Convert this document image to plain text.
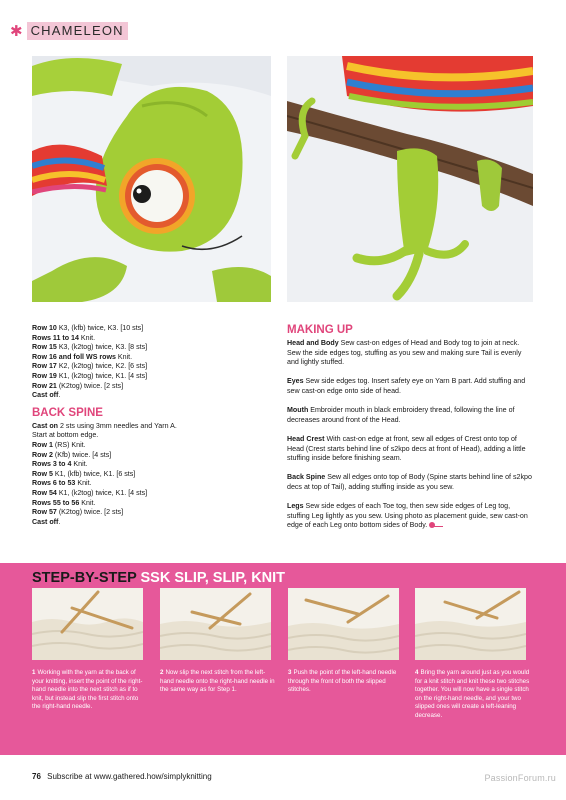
✱ CHAMELEON
Row 10 K3, (kfb) twice, K3. [10 sts]
Rows 11 to 14 Knit.
Row 15 K3, (k2tog) twice, K3. [8 sts]
Row 16 and foll WS rows Knit.
Row 17 K2, (k2tog) twice, K2. [6 sts]
Row 19 K1, (k2tog) twice, K1. [4 sts]
Row 21 (K2tog) twice. [2 sts]
Cast off.
BACK SPINE
Cast on 2 sts using 3mm needles and Yarn A.
Start at bottom edge.
Row 1 (RS) Knit.
Row 2 (Kfb) twice. [4 sts]
Rows 3 to 4 Knit.
Row 5 K1, (kfb) twice, K1. [6 sts]
Rows 6 to 53 Knit.
Row 54 K1, (k2tog) twice, K1. [4 sts]
Rows 55 to 56 Knit.
Row 57 (K2tog) twice. [2 sts]
Cast off.
MAKING UP
Head and Body Sew cast-on edges of Head and Body tog to join at neck. Sew the side edges tog, stuffing as you sew and making sure Tail is evenly and lightly stuffed.
Eyes Sew side edges tog. Insert safety eye on Yarn B part. Add stuffing and sew cast-on edge onto side of head.
Mouth Embroider mouth in black embroidery thread, following the line of decreases around front of the Head.
Head Crest With cast-on edge at front, sew all edges of Crest onto top of Head (Crest starts behind line of s2kpo decs at front of Head), adding a little stuffing inside before finishing seam.
Back Spine Sew all edges onto top of Body (Spine starts behind line of s2kpo decs at top of Tail), adding stuffing inside as you sew.
Legs Sew side edges of each Toe tog, then sew side edges of Leg tog, stuffing Leg lightly as you sew. Using photo as placement guide, sew cast-on edge of each Leg onto bottom sides of Body.
STEP-BY-STEP SSK SLIP, SLIP, KNIT
1 Working with the yarn at the back of your knitting, insert the point of the right-hand needle into the next stitch as if to knit, but instead slip the first stitch onto the right-hand needle.
2 Now slip the next stitch from the left-hand needle onto the right-hand needle in the same way as for Step 1.
3 Push the point of the left-hand needle through the front of both the slipped stitches.
4 Bring the yarn around just as you would for a knit stitch and knit these two stitches together. You will now have a single stitch on the right-hand needle, and your two slipped ones will create a left-leaning decrease.
76 Subscribe at www.gathered.how/simplyknitting	PassionForum.ru
